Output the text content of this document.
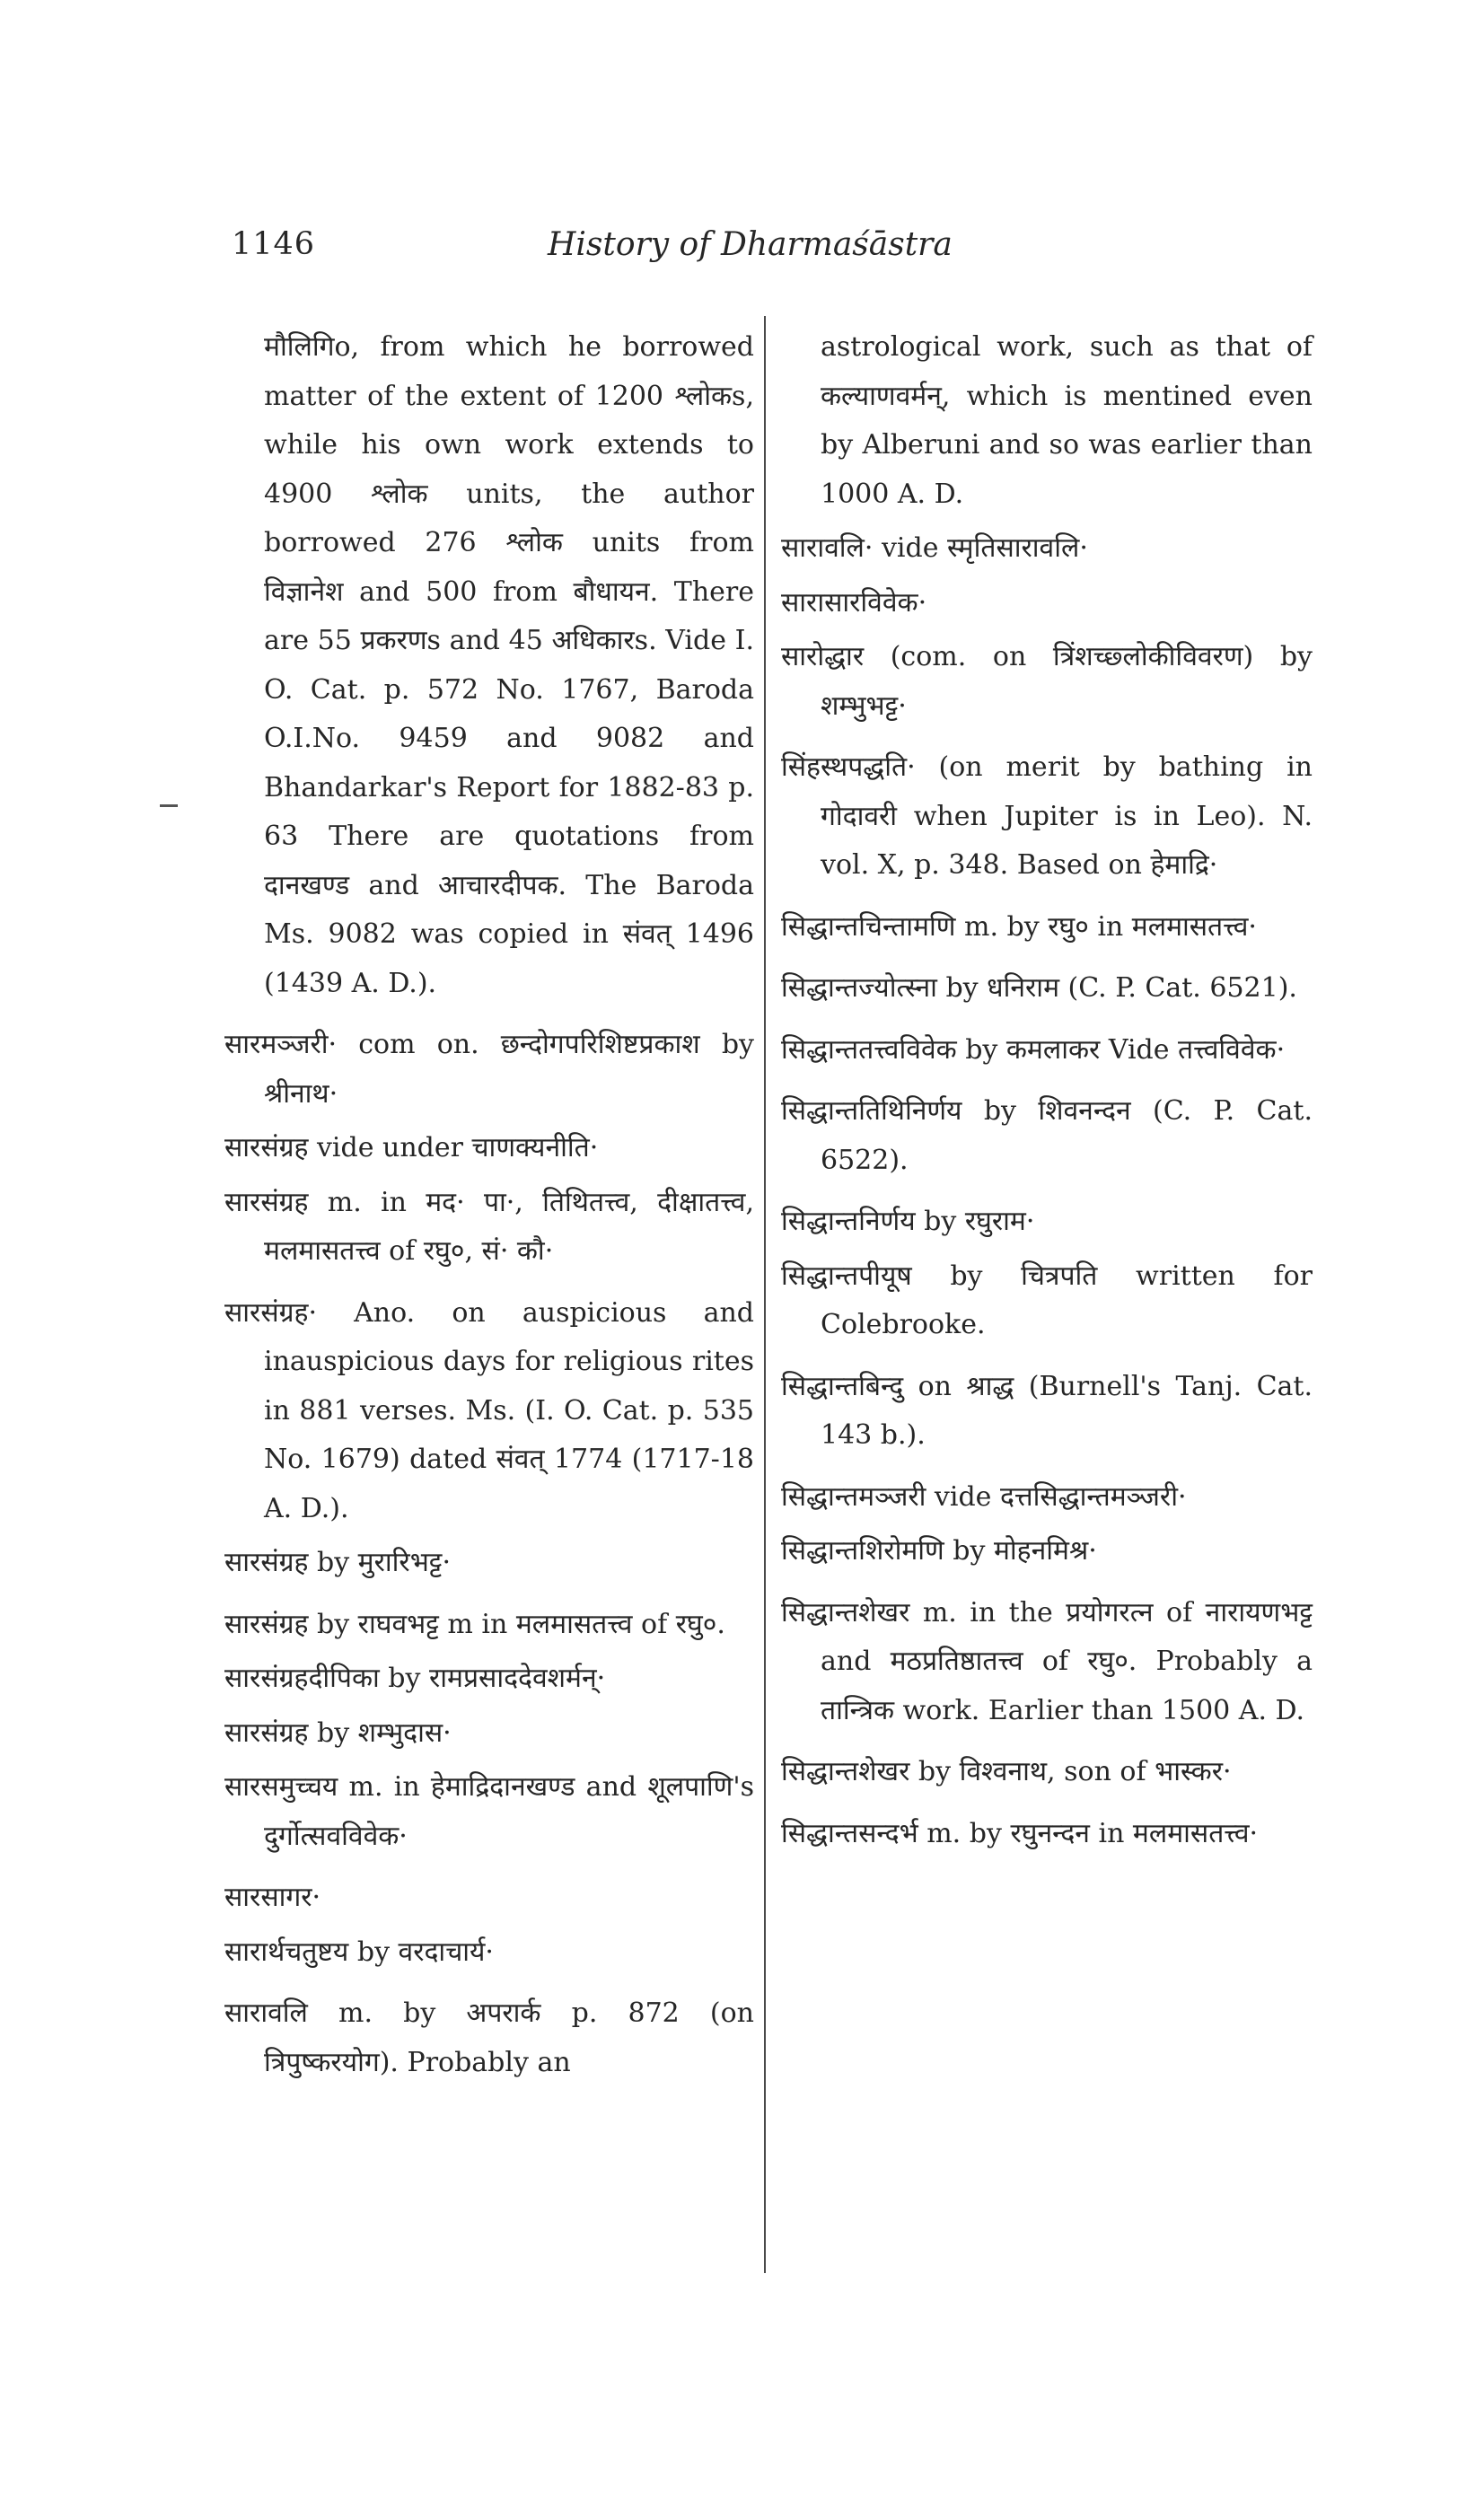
1146	History of Dharmaśāstra

मौलिगिo, from which he borrowed matter of the extent of 1200 श्लोकs, while his own work extends to 4900 श्लोक units, the author borrowed 276 श्लोक units from विज्ञानेश and 500 from बौधायन. There are 55 प्रकरणs and 45 अधिकारs. Vide I. O. Cat. p. 572 No. 1767, Baroda O.I.No. 9459 and 9082 and Bhandarkar's Report for 1882-83 p. 63 There are quotations from दानखण्ड and आचारदीपक. The Baroda Ms. 9082 was copied in संवत् 1496 (1439 A. D.).

सारमञ्जरी· com on. छन्दोगपरिशिष्टप्रकाश by श्रीनाथ·

सारसंग्रह vide under चाणक्यनीति·

सारसंग्रह m. in मद· पा·, तिथितत्त्व, दीक्षातत्त्व, मलमासतत्त्व of रघु०, सं· कौ·

सारसंग्रह· Ano. on auspicious and inauspicious days for religious rites in 881 verses. Ms. (I. O. Cat. p. 535 No. 1679) dated संवत् 1774 (1717-18 A. D.).

सारसंग्रह by मुरारिभट्ट·

सारसंग्रह by राघवभट्ट m in मलमासतत्त्व of रघु०.

सारसंग्रहदीपिका by रामप्रसाददेवशर्मन्·

सारसंग्रह by शम्भुदास·

सारसमुच्चय m. in हेमाद्रिदानखण्ड and शूलपाणि's दुर्गोत्सवविवेक·

सारसागर·

सारार्थचतुष्टय by वरदाचार्य·

सारावलि m. by अपरार्क p. 872 (on त्रिपुष्करयोग). Probably an

astrological work, such as that of कल्याणवर्मन्, which is mentined even by Alberuni and so was earlier than 1000 A. D.

सारावलि· vide स्मृतिसारावलि·

सारासारविवेक·

सारोद्धार (com. on त्रिंशच्छ्लोकीविवरण) by शम्भुभट्ट·

सिंहस्थपद्धति· (on merit by bathing in गोदावरी when Jupiter is in Leo). N. vol. X, p. 348. Based on हेमाद्रि·

सिद्धान्तचिन्तामणि m. by रघु० in मलमासतत्त्व·

सिद्धान्तज्योत्स्ना by धनिराम (C. P. Cat. 6521).

सिद्धान्ततत्त्वविवेक by कमलाकर Vide तत्त्वविवेक·

सिद्धान्ततिथिनिर्णय by शिवनन्दन (C. P. Cat. 6522).

सिद्धान्तनिर्णय by रघुराम·

सिद्धान्तपीयूष by चित्रपति written for Colebrooke.

सिद्धान्तबिन्दु on श्राद्ध (Burnell's Tanj. Cat. 143 b.).

सिद्धान्तमञ्जरी vide दत्तसिद्धान्तमञ्जरी·

सिद्धान्तशिरोमणि by मोहनमिश्र·

सिद्धान्तशेखर m. in the प्रयोगरत्न of नारायणभट्ट and मठप्रतिष्ठातत्त्व of रघु०. Probably a तान्त्रिक work. Earlier than 1500 A. D.

सिद्धान्तशेखर by विश्वनाथ, son of भास्कर·

सिद्धान्तसन्दर्भ m. by रघुनन्दन in मलमासतत्त्व·
